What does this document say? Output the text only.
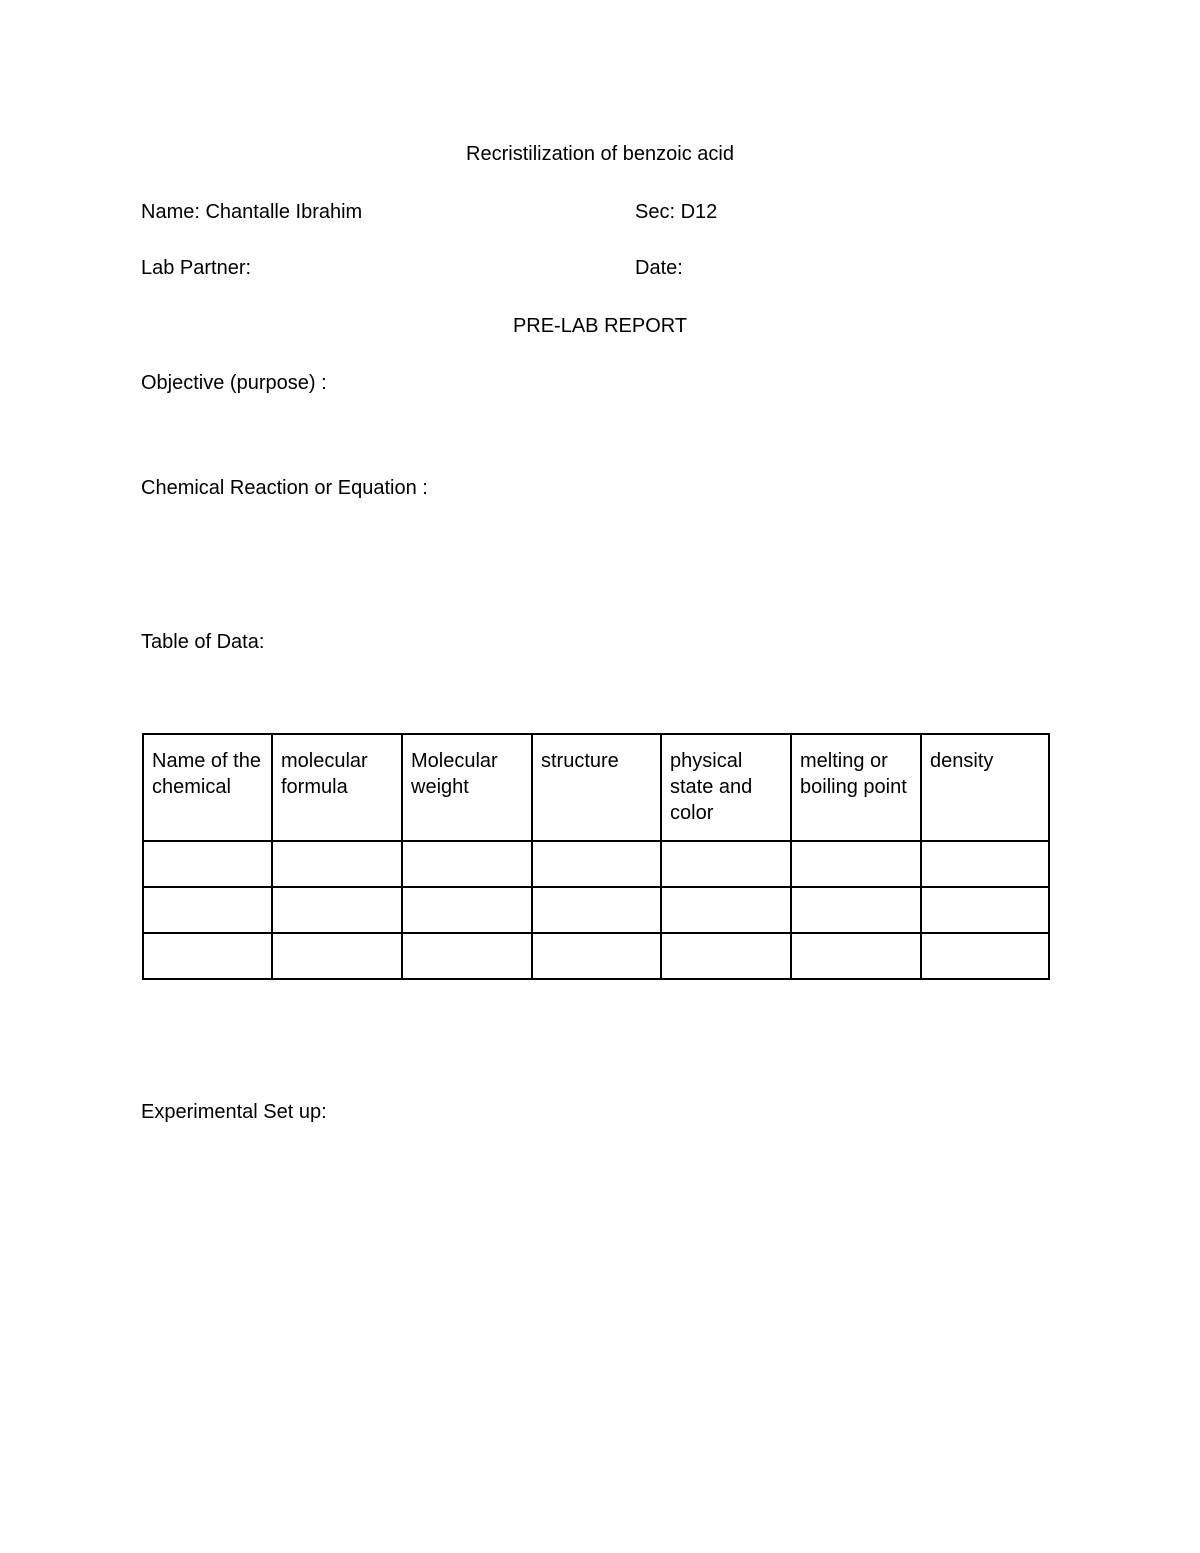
Recristilization of benzoic acid
Name: Chantalle Ibrahim	Sec: D12
Lab Partner:	Date:
PRE-LAB REPORT
Objective (purpose) :
Chemical Reaction or Equation :
Table of Data:
Name of the chemical	molecular formula	Molecular weight	structure	physical state and color	melting or boiling point	density

Experimental Set up:
